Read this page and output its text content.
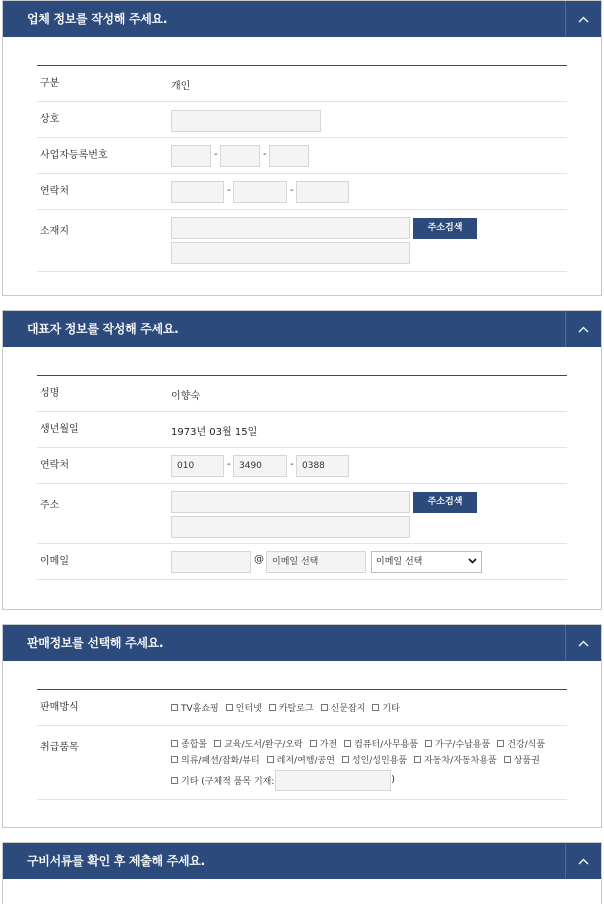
업체 정보를 작성해 주세요.
구분	개인
상호
사업자등록번호	-	-
연락처	-	-
소재지	주소검색
대표자 정보를 작성해 주세요.
성명	이향숙
생년월일	1973년 03월 15일
연락처	010	- 3490	- 0388
주소	주소검색
이메일	@ 이메일 선택	이메일 선택
판매정보를 선택해 주세요.
판매방식	TV홈쇼핑 인터넷 카탈로그 신문잡지 기타
취급품목	종합몰 교육/도서/완구/오락 가전 컴퓨터/사무용품 가구/수납용품 건강/식품
의류/패션/잡화/뷰티 레저/여행/공연 성인/성인용품 자동차/자동차용품 상품권
기타 (구체적 품목 기재:	)
구비서류를 확인 후 제출해 주세요.
